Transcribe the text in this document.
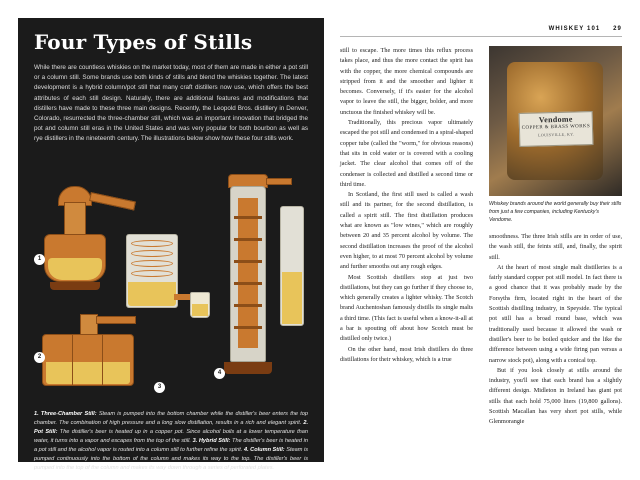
WHISKEY 101 29
Four Types of Stills
While there are countless whiskies on the market today, most of them are made in either a pot still or a column still. Some brands use both kinds of stills and blend the whiskies together. The latest development is a hybrid column/pot still that many craft distillers now use, which offers the best attributes of each still design. Naturally, there are additional features and modifications that distillers have made to these three main designs. Recently, the Leopold Bros. distillery in Denver, Colorado, resurrected the three-chamber still, which was an important innovation that bridged the pot and column still eras in the United States and was very popular for both bourbon as well as rye distillers in the nineteenth century. The illustrations below show how these four stills work.
1
2
3
4
1. Three-Chamber Still: Steam is pumped into the bottom chamber while the distiller's beer enters the top chamber. The combination of high pressure and a long slow distillation, results in a rich and elegant spirit. 2. Pot Still: The distiller's beer is heated up in a copper pot. Since alcohol boils at a lower temperature than water, it turns into a vapor and escapes from the top of the still. 3. Hybrid Still: The distiller's beer is heated in a pot still and the alcohol vapor is routed into a column still to further refine the spirit. 4. Column Still: Steam is pumped continuously into the bottom of the column and makes its way to the top. The distiller's beer is pumped into the top of the column and makes its way down through a series of perforated plates.

still to escape. The more times this reflux process takes place, and thus the more contact the spirit has with the copper, the more chemical compounds are stripped from it and the smoother and lighter it becomes. Conversely, if it's easier for the alcohol vapor to leave the still, the bigger, bolder, and more unctuous the finished whiskey will be.

Traditionally, this precious vapor ultimately escaped the pot still and condensed in a spiral-shaped copper tube (called the "worm," for obvious reasons) that sits in cold water or is covered with a cooling jacket. The clear alcohol that comes off of the condenser is collected and distilled a second time or third time.

In Scotland, the first still used is called a wash still and its partner, for the second distillation, is called a spirit still. The first distillation produces what are known as "low wines," which are roughly between 20 and 35 percent alcohol by volume. The second distillation increases the proof of the alcohol even higher, to at most 70 percent alcohol by volume and further smooths out any rough edges.

Most Scottish distillers stop at just two distillations, but they can go further if they choose to, which generally creates a lighter whisky. The Scotch brand Auchentoshan famously distills its single malts a third time. (This fact is useful when a know-it-all at a bar is spouting off about how Scotch must be distilled only twice.)

On the other hand, most Irish distillers do three distillations for their whiskey, which is a true

Vendome
COPPER & BRASS WORKS
LOUISVILLE, KY.
Whiskey brands around the world generally buy their stills from just a few companies, including Kentucky's Vendome.

smoothness. The three Irish stills are in order of use, the wash still, the feints still, and, finally, the spirit still.

At the heart of most single malt distilleries is a fairly standard copper pot still model. In fact there is a good chance that it was probably made by the Forsyths firm, located right in the heart of the Scottish distilling industry, in Speyside. The typical pot still has a broad round base, which was traditionally used because it allowed the wash or distiller's beer to be boiled quicker and the like the difference between using a wide firing pan versus a narrow stock pot), along with a conical top.

But if you look closely at stills around the industry, you'll see that each brand has a slightly different design. Midleton in Ireland has giant pot stills that each hold 75,000 liters (19,800 gallons). Scottish Macallan has very short pot stills, while Glenmorangie
